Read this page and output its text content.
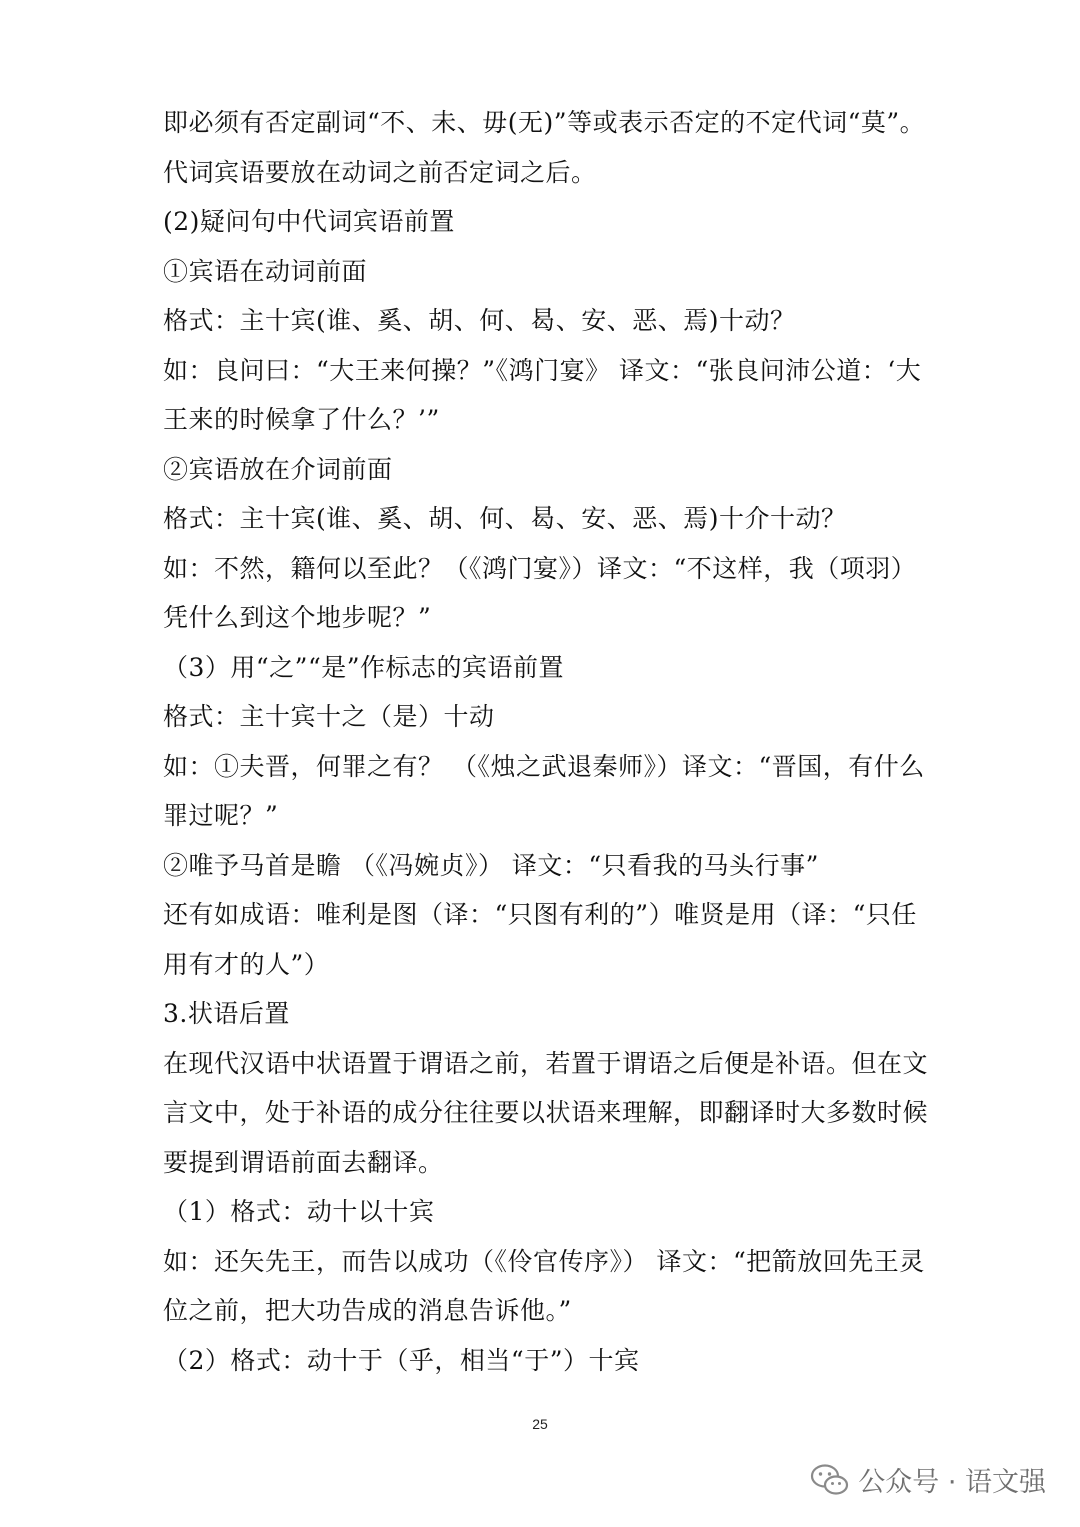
即必须有否定副词“不、未、毋(无)”等或表示否定的不定代词“莫”。
代词宾语要放在动词之前否定词之后。
(2)疑问句中代词宾语前置
①宾语在动词前面
格式：主十宾(谁、奚、胡、何、曷、安、恶、焉)十动？
如：良问曰：“大王来何操？”《鸿门宴》 译文：“张良问沛公道：‘大
王来的时候拿了什么？’”
②宾语放在介词前面
格式：主十宾(谁、奚、胡、何、曷、安、恶、焉)十介十动？
如：不然，籍何以至此？（《鸿门宴》）译文：“不这样，我（项羽）
凭什么到这个地步呢？”
（3）用“之”“是”作标志的宾语前置
格式：主十宾十之（是）十动
如：①夫晋，何罪之有？ （《烛之武退秦师》）译文：“晋国，有什么
罪过呢？”
②唯予马首是瞻 （《冯婉贞》） 译文：“只看我的马头行事”
还有如成语：唯利是图（译：“只图有利的”）唯贤是用（译：“只任
用有才的人”）
3.状语后置
在现代汉语中状语置于谓语之前，若置于谓语之后便是补语。但在文
言文中，处于补语的成分往往要以状语来理解，即翻译时大多数时候
要提到谓语前面去翻译。
（1）格式：动十以十宾
如：还矢先王，而告以成功（《伶官传序》） 译文：“把箭放回先王灵
位之前，把大功告成的消息告诉他。”
（2）格式：动十于（乎，相当“于”）十宾
25
公众号 · 语文强
